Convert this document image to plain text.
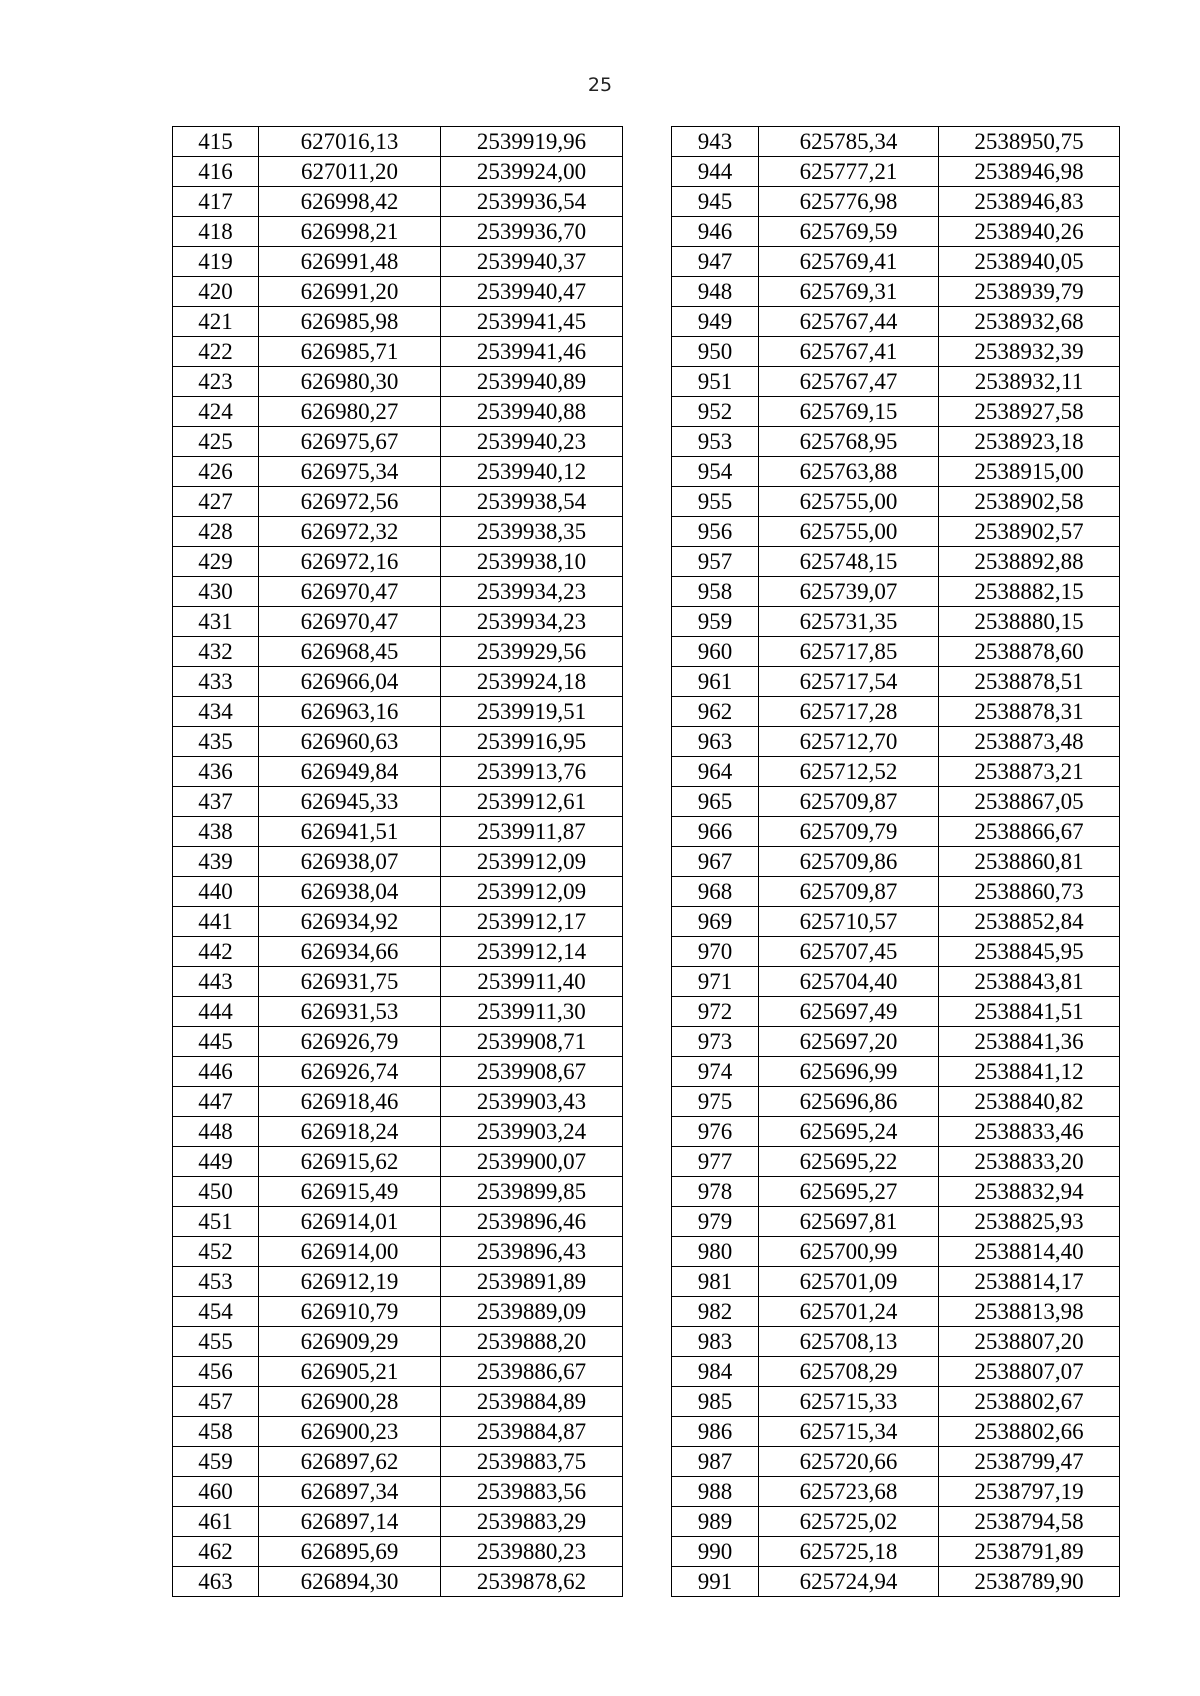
25
415	627016,13	2539919,96		943	625785,34	2538950,75
416	627011,20	2539924,00		944	625777,21	2538946,98
417	626998,42	2539936,54		945	625776,98	2538946,83
418	626998,21	2539936,70		946	625769,59	2538940,26
419	626991,48	2539940,37		947	625769,41	2538940,05
420	626991,20	2539940,47		948	625769,31	2538939,79
421	626985,98	2539941,45		949	625767,44	2538932,68
422	626985,71	2539941,46		950	625767,41	2538932,39
423	626980,30	2539940,89		951	625767,47	2538932,11
424	626980,27	2539940,88		952	625769,15	2538927,58
425	626975,67	2539940,23		953	625768,95	2538923,18
426	626975,34	2539940,12		954	625763,88	2538915,00
427	626972,56	2539938,54		955	625755,00	2538902,58
428	626972,32	2539938,35		956	625755,00	2538902,57
429	626972,16	2539938,10		957	625748,15	2538892,88
430	626970,47	2539934,23		958	625739,07	2538882,15
431	626970,47	2539934,23		959	625731,35	2538880,15
432	626968,45	2539929,56		960	625717,85	2538878,60
433	626966,04	2539924,18		961	625717,54	2538878,51
434	626963,16	2539919,51		962	625717,28	2538878,31
435	626960,63	2539916,95		963	625712,70	2538873,48
436	626949,84	2539913,76		964	625712,52	2538873,21
437	626945,33	2539912,61		965	625709,87	2538867,05
438	626941,51	2539911,87		966	625709,79	2538866,67
439	626938,07	2539912,09		967	625709,86	2538860,81
440	626938,04	2539912,09		968	625709,87	2538860,73
441	626934,92	2539912,17		969	625710,57	2538852,84
442	626934,66	2539912,14		970	625707,45	2538845,95
443	626931,75	2539911,40		971	625704,40	2538843,81
444	626931,53	2539911,30		972	625697,49	2538841,51
445	626926,79	2539908,71		973	625697,20	2538841,36
446	626926,74	2539908,67		974	625696,99	2538841,12
447	626918,46	2539903,43		975	625696,86	2538840,82
448	626918,24	2539903,24		976	625695,24	2538833,46
449	626915,62	2539900,07		977	625695,22	2538833,20
450	626915,49	2539899,85		978	625695,27	2538832,94
451	626914,01	2539896,46		979	625697,81	2538825,93
452	626914,00	2539896,43		980	625700,99	2538814,40
453	626912,19	2539891,89		981	625701,09	2538814,17
454	626910,79	2539889,09		982	625701,24	2538813,98
455	626909,29	2539888,20		983	625708,13	2538807,20
456	626905,21	2539886,67		984	625708,29	2538807,07
457	626900,28	2539884,89		985	625715,33	2538802,67
458	626900,23	2539884,87		986	625715,34	2538802,66
459	626897,62	2539883,75		987	625720,66	2538799,47
460	626897,34	2539883,56		988	625723,68	2538797,19
461	626897,14	2539883,29		989	625725,02	2538794,58
462	626895,69	2539880,23		990	625725,18	2538791,89
463	626894,30	2539878,62		991	625724,94	2538789,90
